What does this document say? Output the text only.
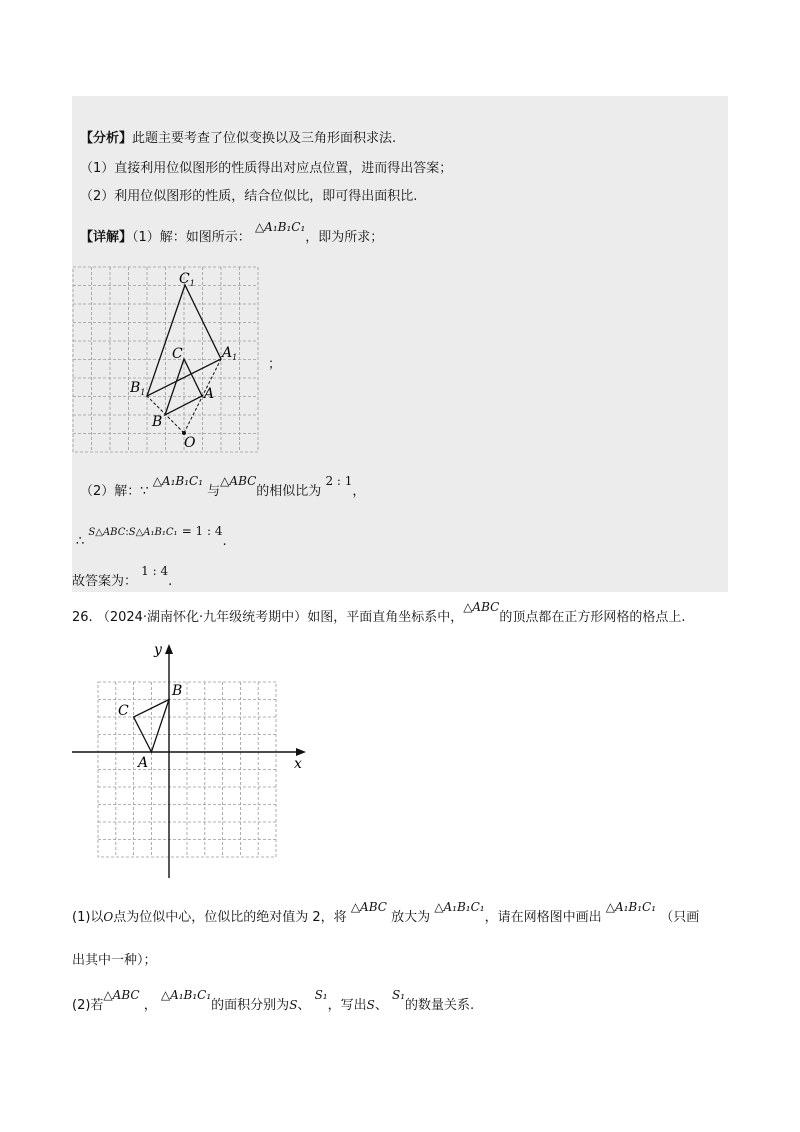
【分析】此题主要考查了位似变换以及三角形面积求法.
（1）直接利用位似图形的性质得出对应点位置，进而得出答案；
（2）利用位似图形的性质，结合位似比，即可得出面积比.
【详解】（1）解：如图所示： △A₁B₁C₁，即为所求；
$C_1$
C	$A_1$
$B_1$	A
B
O
；
（2）解：∵ △A₁B₁C₁ 与△ABC的相似比为 2 : 1，
∴ $^{S\triangle ABC:S\triangle A_1B_1C_1}$ = 1 : 4.
故答案为： 1 : 4.
26. （2024·湖南怀化·九年级统考期中）如图，平面直角坐标系中，△ABC的顶点都在正方形网格的格点上.
y
x
B
C
A
(1)以O点为位似中心，位似比的绝对值为 2，将 △ABC 放大为 △A₁B₁C₁，请在网格图中画出 △A₁B₁C₁ （只画
出其中一种）；
(2)若△ABC ， △A₁B₁C₁的面积分别为S、 S₁，写出S、 S₁的数量关系.
